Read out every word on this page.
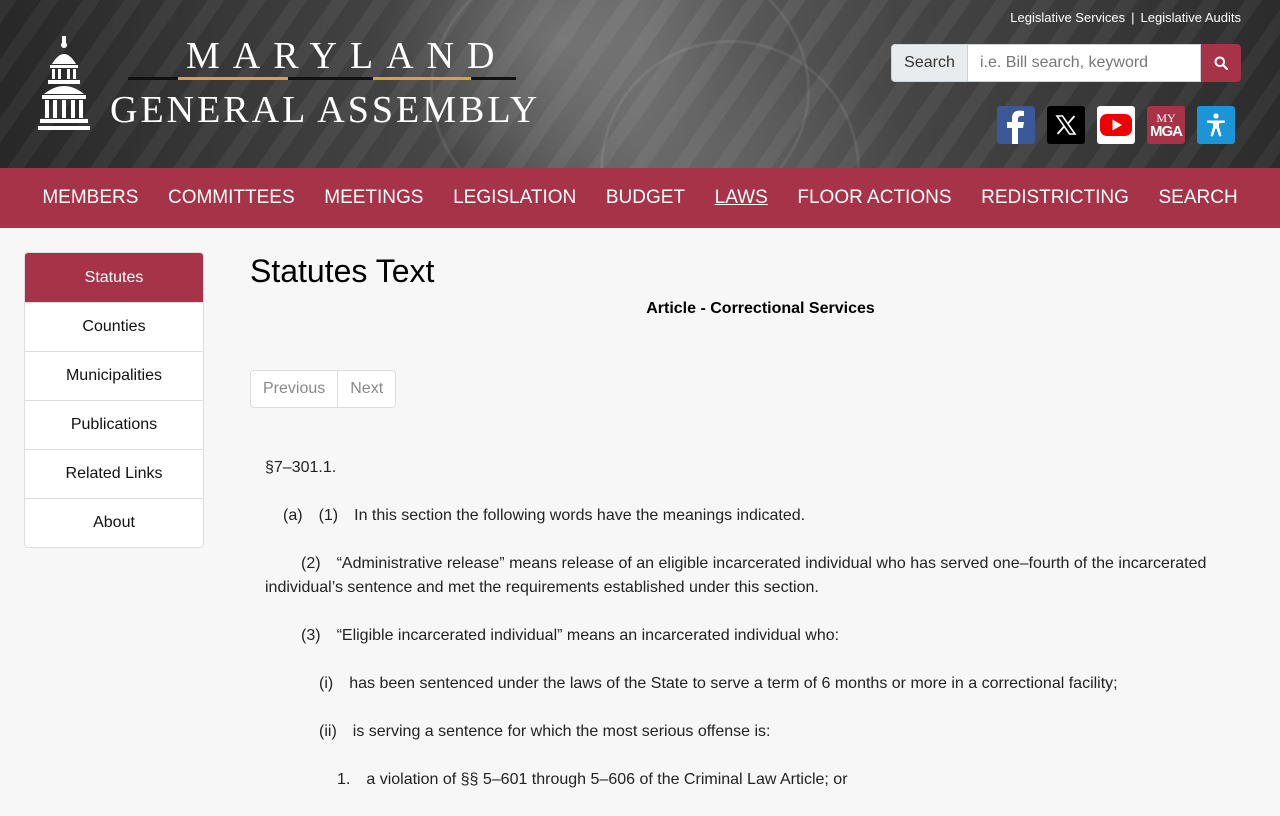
Legislative Services | Legislative Audits
MARYLAND
GENERAL ASSEMBLY
Search
i.e. Bill search, keyword
MY
MGA
MEMBERS	COMMITTEES	MEETINGS	LEGISLATION	BUDGET	LAWS	FLOOR ACTIONS	REDISTRICTING	SEARCH
Statutes
Counties
Municipalities
Publications
Related Links
About
Statutes Text
Article - Correctional Services
Previous	Next

§7–301.1.

(a) (1) In this section the following words have the meanings indicated.

(2) “Administrative release” means release of an eligible incarcerated individual who has served one–fourth of the incarcerated individual’s sentence and met the requirements established under this section.

(3) “Eligible incarcerated individual” means an incarcerated individual who:

(i) has been sentenced under the laws of the State to serve a term of 6 months or more in a correctional facility;

(ii) is serving a sentence for which the most serious offense is:

1. a violation of §§ 5–601 through 5–606 of the Criminal Law Article; or
